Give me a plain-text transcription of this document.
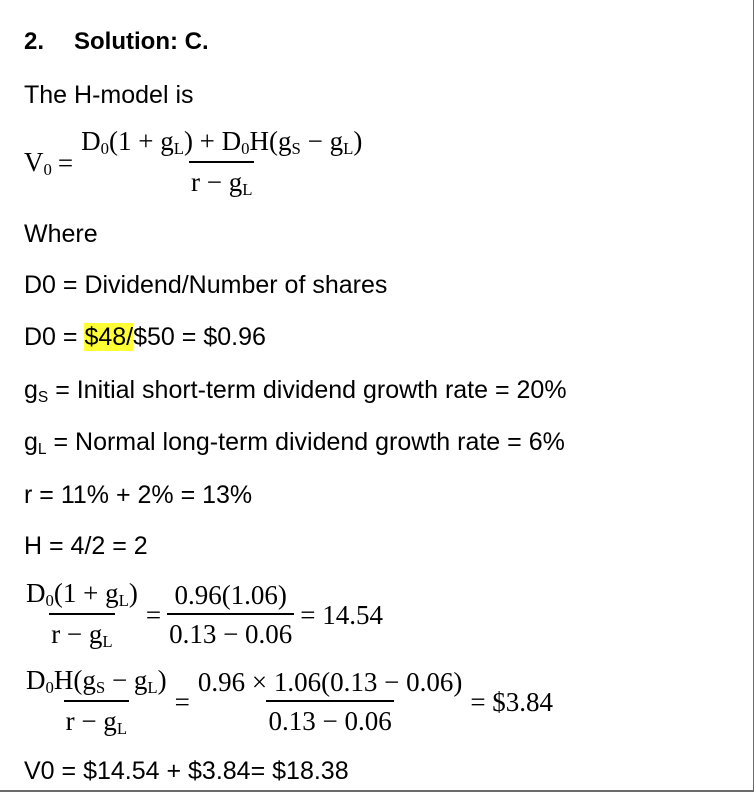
2. Solution: C.
The H-model is
$V_0 = \frac{D_0(1 + g_L) + D_0H(g_S - g_L)}{r - g_L}$
Where
D0 = Dividend/Number of shares
D0 = $48/$50 = $0.96
$g_S$ = Initial short-term dividend growth rate = 20%
$g_L$ = Normal long-term dividend growth rate = 6%
r = 11% + 2% = 13%
H = 4/2 = 2
$\frac{D_0(1 + g_L)}{r - g_L} = \frac{0.96(1.06)}{0.13 - 0.06} = 14.54$
$\frac{D_0H(g_S - g_L)}{r - g_L} = \frac{0.96 \times 1.06(0.13 - 0.06)}{0.13 - 0.06}$ = $3.84
V0 = $14.54 + $3.84= $18.38
